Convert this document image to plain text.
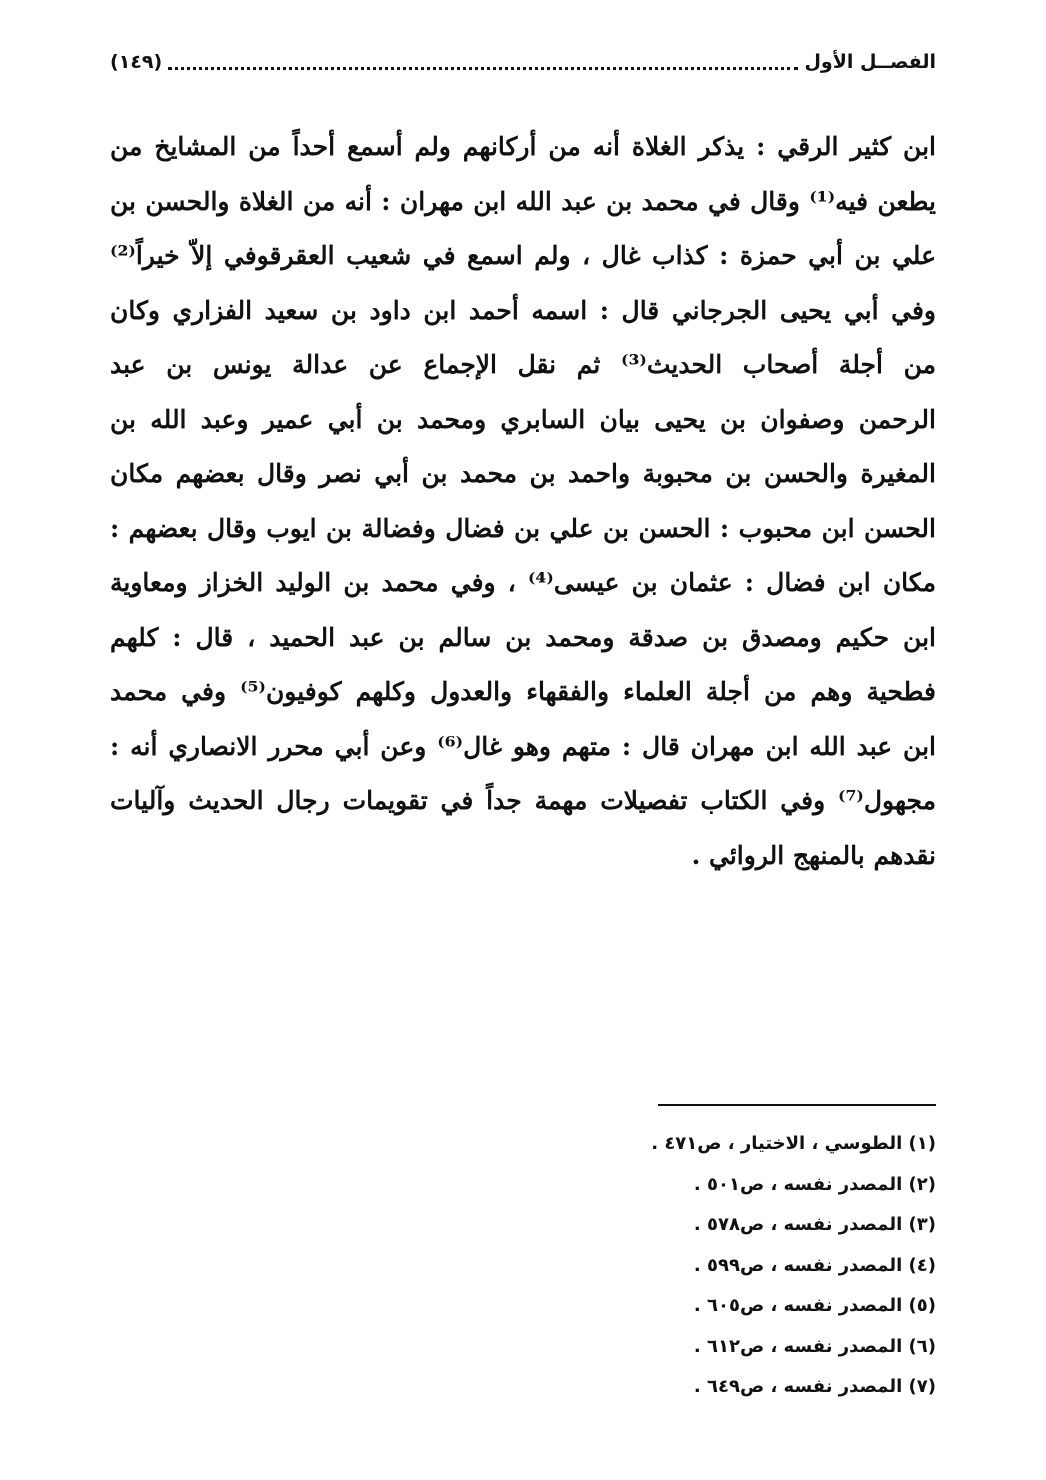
الفصــل الأول
(١٤٩)
ابن كثير الرقي : يذكر الغلاة أنه من أركانهم ولم أسمع أحداً من المشايخ من
يطعن فيه⁽¹⁾ وقال في محمد بن عبد الله ابن مهران : أنه من الغلاة والحسن بن
علي بن أبي حمزة : كذاب غال ، ولم اسمع في شعيب العقرقوفي إلاّ خيراً⁽²⁾
وفي أبي يحيى الجرجاني قال : اسمه أحمد ابن داود بن سعيد الفزاري وكان
من أجلة أصحاب الحديث⁽³⁾ ثم نقل الإجماع عن عدالة يونس بن عبد
الرحمن وصفوان بن يحيى بيان السابري ومحمد بن أبي عمير وعبد الله بن
المغيرة والحسن بن محبوبة واحمد بن محمد بن أبي نصر وقال بعضهم مكان
الحسن ابن محبوب : الحسن بن علي بن فضال وفضالة بن ايوب وقال بعضهم :
مكان ابن فضال : عثمان بن عيسى⁽⁴⁾ ، وفي محمد بن الوليد الخزاز ومعاوية
ابن حكيم ومصدق بن صدقة ومحمد بن سالم بن عبد الحميد ، قال : كلهم
فطحية وهم من أجلة العلماء والفقهاء والعدول وكلهم كوفيون⁽⁵⁾ وفي محمد
ابن عبد الله ابن مهران قال : متهم وهو غال⁽⁶⁾ وعن أبي محرر الانصاري أنه :
مجهول⁽⁷⁾ وفي الكتاب تفصيلات مهمة جداً في تقويمات رجال الحديث وآليات
نقدهم بالمنهج الروائي .
(١) الطوسي ، الاختيار ، ص٤٧١ .
(٢) المصدر نفسه ، ص٥٠١ .
(٣) المصدر نفسه ، ص٥٧٨ .
(٤) المصدر نفسه ، ص٥٩٩ .
(٥) المصدر نفسه ، ص٦٠٥ .
(٦) المصدر نفسه ، ص٦١٢ .
(٧) المصدر نفسه ، ص٦٤٩ .
